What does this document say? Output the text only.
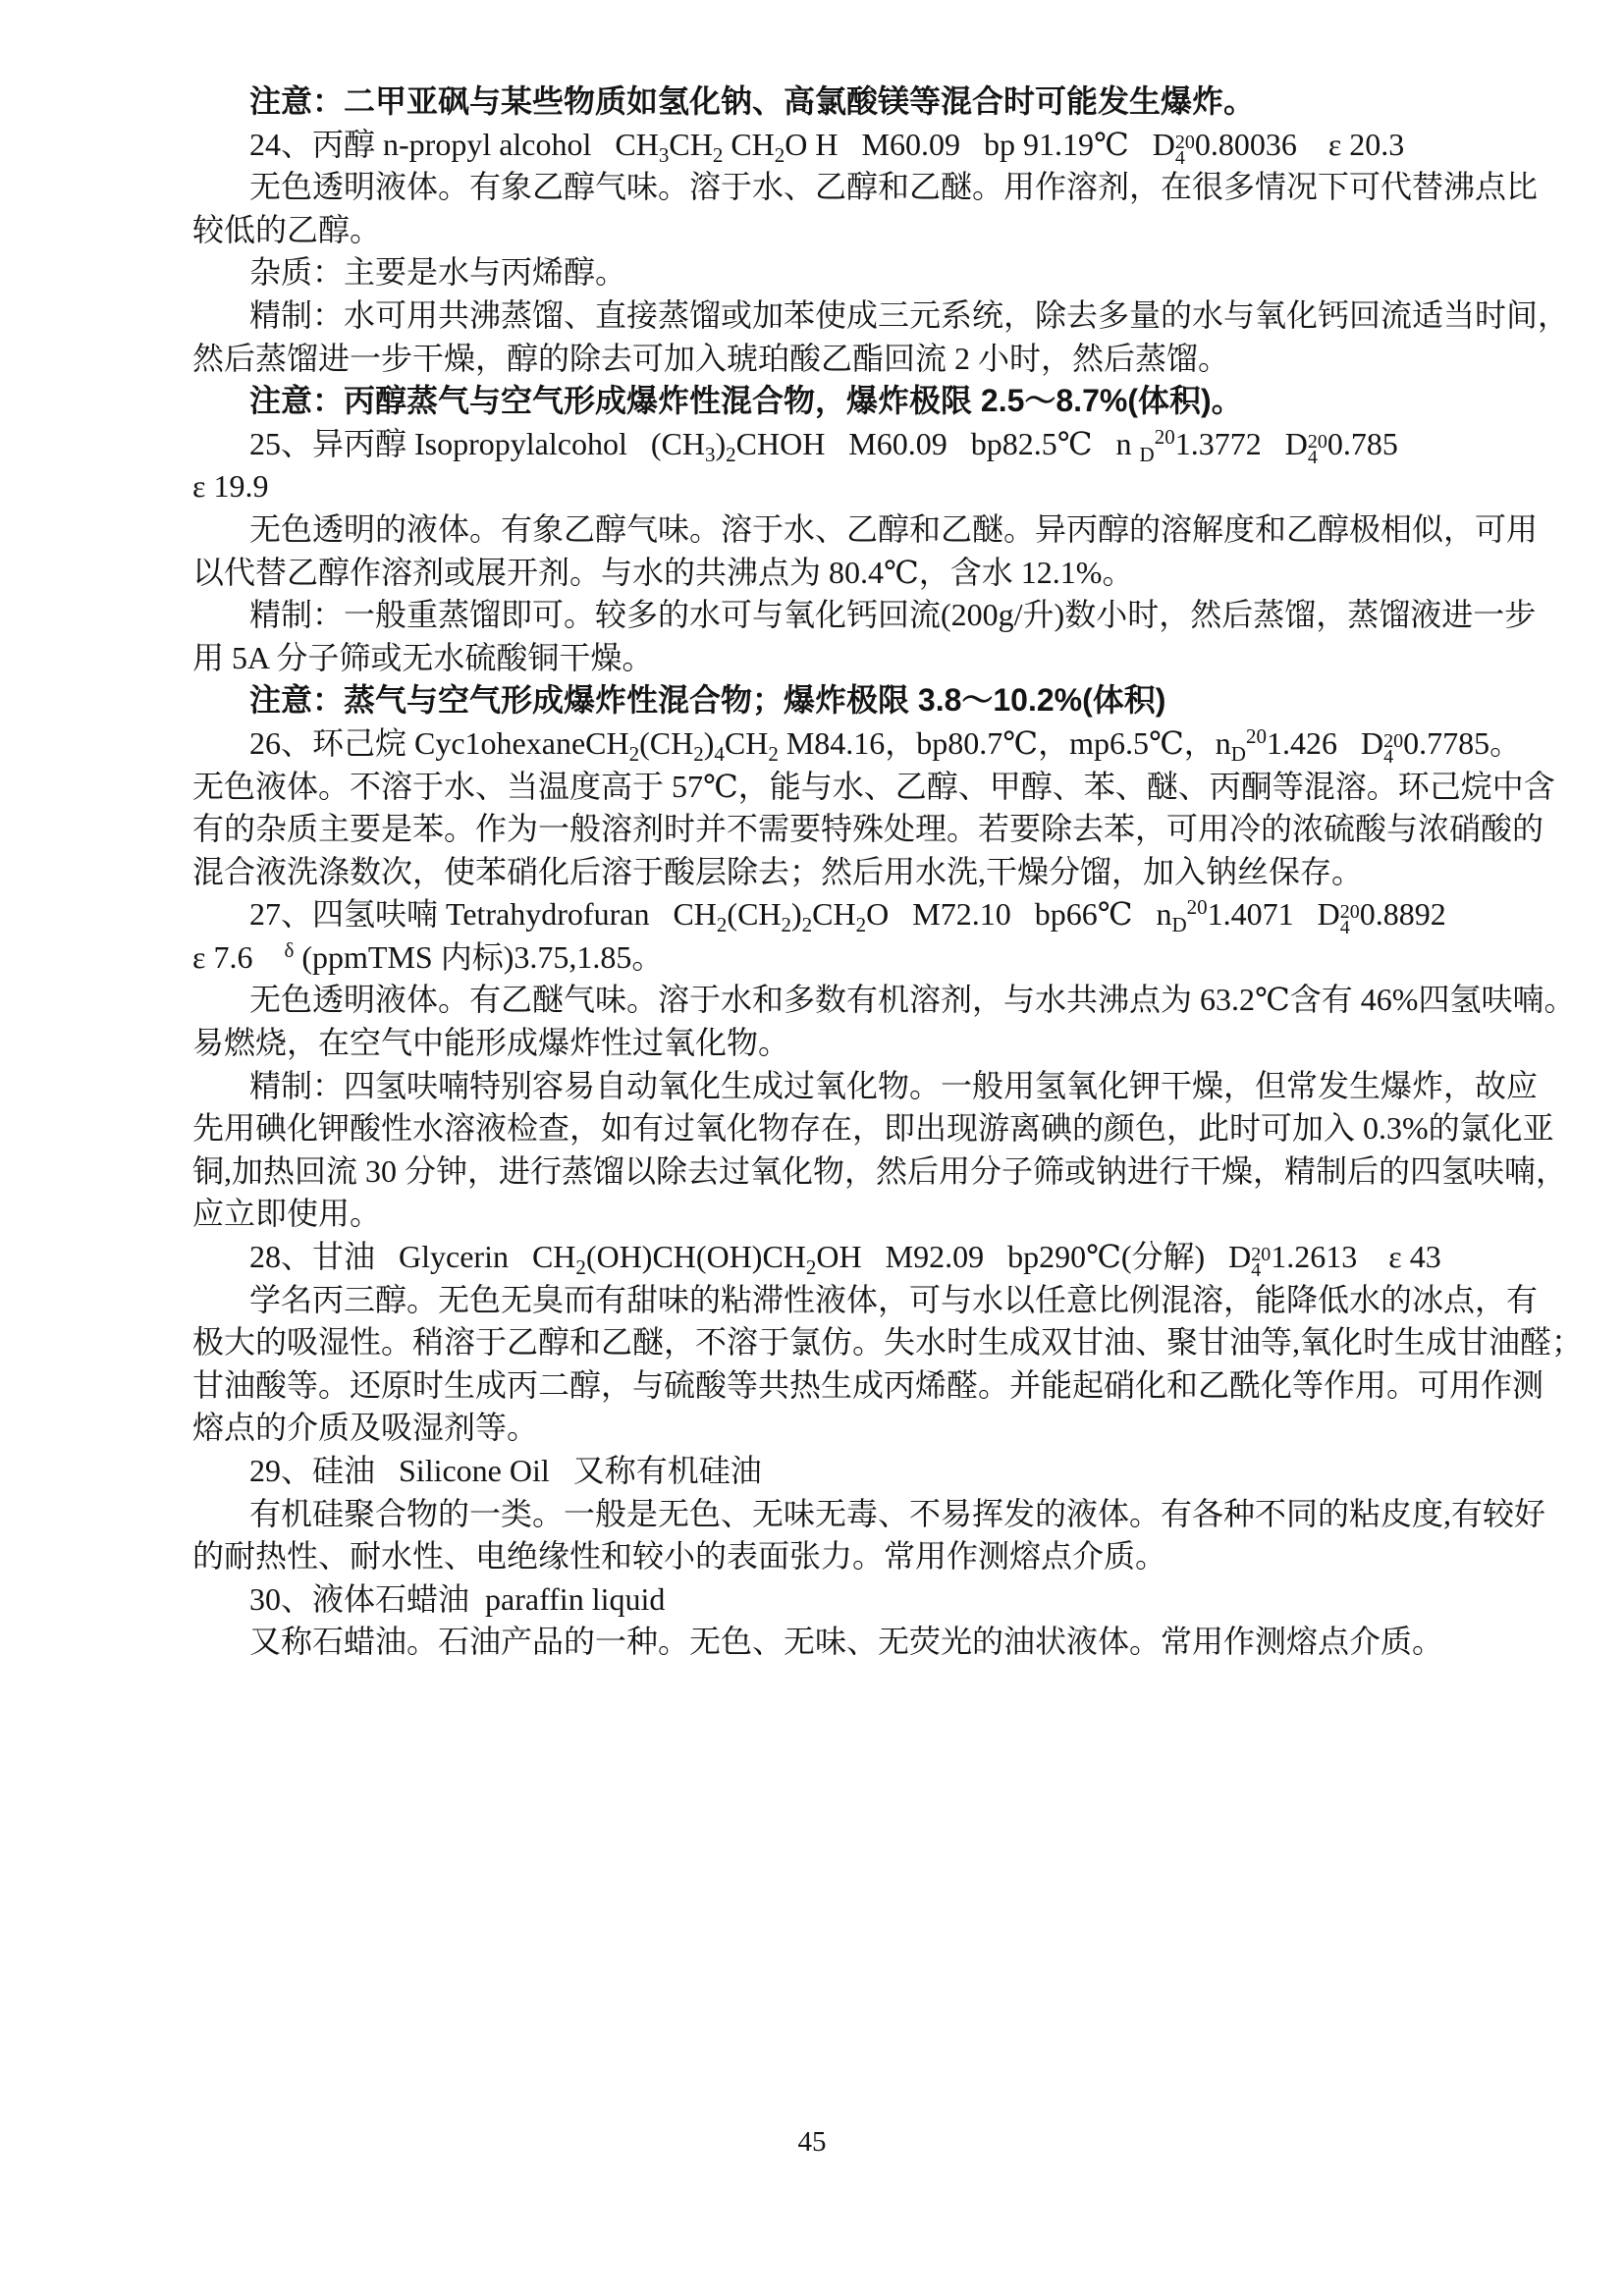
注意：二甲亚砜与某些物质如氢化钠、高氯酸镁等混合时可能发生爆炸。
24、丙醇 n-propyl alcohol   $CH_3CH_2$ $CH_2O$ H   M60.09   bp 91.19℃   D 20
4 0.80036    ε 20.3
无色透明液体。有象乙醇气味。溶于水、乙醇和乙醚。用作溶剂，在很多情况下可代替沸点比
较低的乙醇。
杂质：主要是水与丙烯醇。
精制：水可用共沸蒸馏、直接蒸馏或加苯使成三元系统，除去多量的水与氧化钙回流适当时间，
然后蒸馏进一步干燥，醇的除去可加入琥珀酸乙酯回流 2 小时，然后蒸馏。
注意：丙醇蒸气与空气形成爆炸性混合物，爆炸极限 2.5～8.7%(体积)。
25、异丙醇 Isopropylalcohol   $(CH_3)_2CHOH$   M60.09   bp82.5℃   n $_D^{20}$1.3772   D 20
4 0.785
ε 19.9
无色透明的液体。有象乙醇气味。溶于水、乙醇和乙醚。异丙醇的溶解度和乙醇极相似，可用
以代替乙醇作溶剂或展开剂。与水的共沸点为 80.4℃，含水 12.1%。
精制：一般重蒸馏即可。较多的水可与氧化钙回流(200g/升)数小时，然后蒸馏，蒸馏液进一步
用 5A 分子筛或无水硫酸铜干燥。
注意：蒸气与空气形成爆炸性混合物；爆炸极限 3.8～10.2%(体积)
26、环己烷 $Cyc1ohexaneCH_2(CH_2)_4CH_2$ M84.16，bp80.7℃，mp6.5℃，$n_D^{20}1.426$   D 20
4 0.7785。
无色液体。不溶于水、当温度高于 57℃，能与水、乙醇、甲醇、苯、醚、丙酮等混溶。环己烷中含
有的杂质主要是苯。作为一般溶剂时并不需要特殊处理。若要除去苯，可用冷的浓硫酸与浓硝酸的
混合液洗涤数次，使苯硝化后溶于酸层除去；然后用水洗,干燥分馏，加入钠丝保存。
27、四氢呋喃 Tetrahydrofuran   $CH_2(CH_2)_2CH_2O$   M72.10   bp66℃   $n_D^{20}1.4071$   D 20
4 0.8892
ε 7.6    $^\delta$ (ppmTMS 内标)3.75,1.85。
无色透明液体。有乙醚气味。溶于水和多数有机溶剂，与水共沸点为 63.2℃含有 46%四氢呋喃。
易燃烧，在空气中能形成爆炸性过氧化物。
精制：四氢呋喃特别容易自动氧化生成过氧化物。一般用氢氧化钾干燥，但常发生爆炸，故应
先用碘化钾酸性水溶液检查，如有过氧化物存在，即出现游离碘的颜色，此时可加入 0.3%的氯化亚
铜,加热回流 30 分钟，进行蒸馏以除去过氧化物，然后用分子筛或钠进行干燥，精制后的四氢呋喃，
应立即使用。
28、甘油   Glycerin   $CH_2(OH)CH(OH)CH_2OH$   M92.09   bp290℃(分解)   D 20
4 1.2613    ε 43
学名丙三醇。无色无臭而有甜味的粘滞性液体，可与水以任意比例混溶，能降低水的冰点，有
极大的吸湿性。稍溶于乙醇和乙醚，不溶于氯仿。失水时生成双甘油、聚甘油等,氧化时生成甘油醛；
甘油酸等。还原时生成丙二醇，与硫酸等共热生成丙烯醛。并能起硝化和乙酰化等作用。可用作测
熔点的介质及吸湿剂等。
29、硅油   Silicone Oil   又称有机硅油
有机硅聚合物的一类。一般是无色、无味无毒、不易挥发的液体。有各种不同的粘皮度,有较好
的耐热性、耐水性、电绝缘性和较小的表面张力。常用作测熔点介质。
30、液体石蜡油  paraffin liquid
又称石蜡油。石油产品的一种。无色、无味、无荧光的油状液体。常用作测熔点介质。
45
